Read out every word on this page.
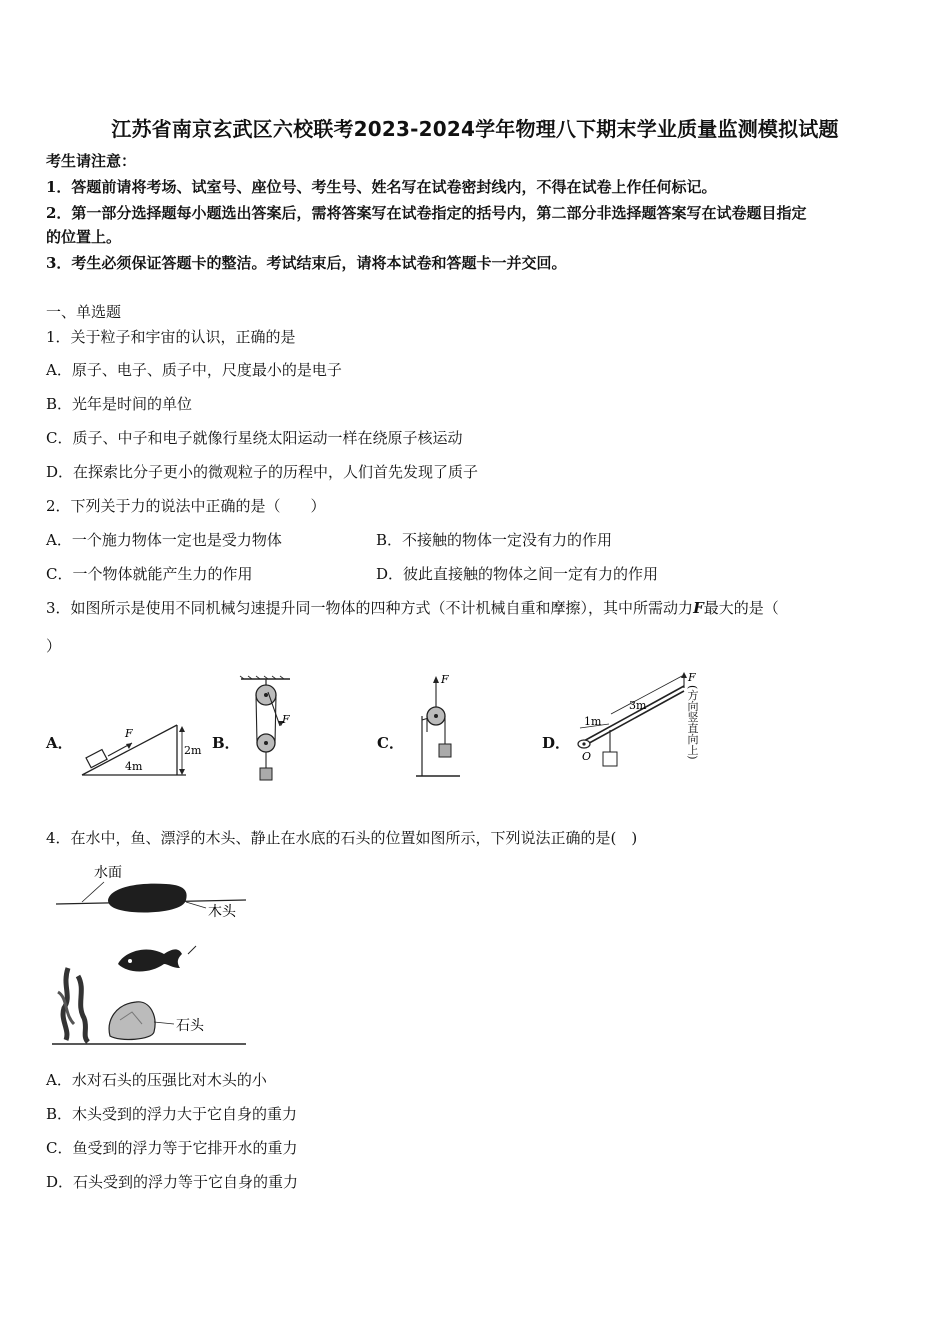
江苏省南京玄武区六校联考2023-2024学年物理八下期末学业质量监测模拟试题
考生请注意：
1．答题前请将考场、试室号、座位号、考生号、姓名写在试卷密封线内，不得在试卷上作任何标记。
2．第一部分选择题每小题选出答案后，需将答案写在试卷指定的括号内，第二部分非选择题答案写在试卷题目指定
的位置上。
3．考生必须保证答题卡的整洁。考试结束后，请将本试卷和答题卡一并交回。
一、单选题
1．关于粒子和宇宙的认识，正确的是
A．原子、电子、质子中，尺度最小的是电子
B．光年是时间的单位
C．质子、中子和电子就像行星绕太阳运动一样在绕原子核运动
D．在探索比分子更小的微观粒子的历程中，人们首先发现了质子
2．下列关于力的说法中正确的是（　　）
A．一个施力物体一定也是受力物体	B．不接触的物体一定没有力的作用
C．一个物体就能产生力的作用	D．彼此直接触的物体之间一定有力的作用
3．如图所示是使用不同机械匀速提升同一物体的四种方式（不计机械自重和摩擦），其中所需动力F最大的是（
）
A．	B．	C．	D．
F
4m
2m
F
F
O
1m
3m
F
(方向竖直向上)
4．在水中，鱼、漂浮的木头、静止在水底的石头的位置如图所示，下列说法正确的是(　)
水面
木头
石头
A．水对石头的压强比对木头的小
B．木头受到的浮力大于它自身的重力
C．鱼受到的浮力等于它排开水的重力
D．石头受到的浮力等于它自身的重力
